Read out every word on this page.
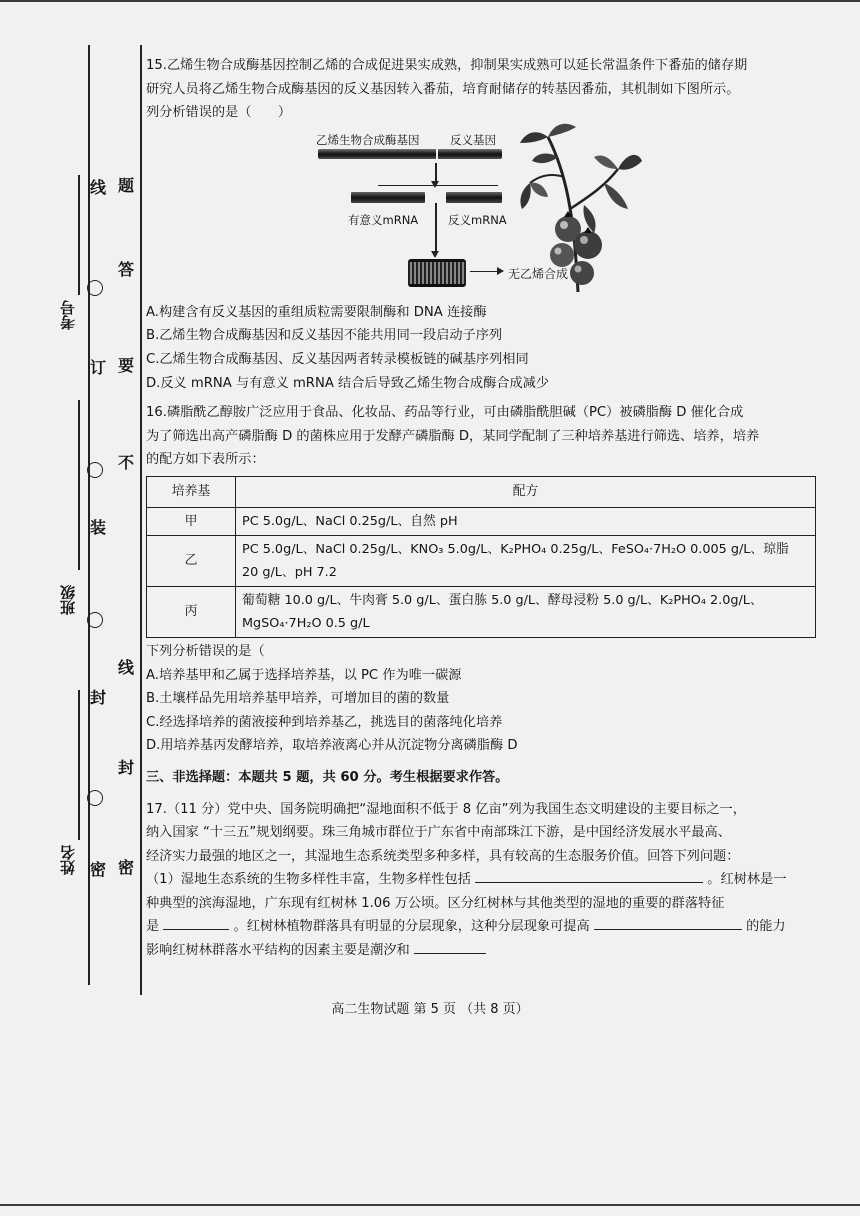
考号
班级
姓名 密
封
装
订
线 题
答
要
不
封
密
线
15.乙烯生物合成酶基因控制乙烯的合成促进果实成熟，抑制果实成熟可以延长常温条件下番茄的储存期
研究人员将乙烯生物合成酶基因的反义基因转入番茄，培育耐储存的转基因番茄，其机制如下图所示。
列分析错误的是（　　）
乙烯生物合成酶基因	反义基因
有意义mRNA	反义mRNA
无乙烯合成
A.构建含有反义基因的重组质粒需要限制酶和 DNA 连接酶
B.乙烯生物合成酶基因和反义基因不能共用同一段启动子序列
C.乙烯生物合成酶基因、反义基因两者转录模板链的碱基序列相同
D.反义 mRNA 与有意义 mRNA 结合后导致乙烯生物合成酶合成减少
16.磷脂酰乙醇胺广泛应用于食品、化妆品、药品等行业，可由磷脂酰胆碱（PC）被磷脂酶 D 催化合成
为了筛选出高产磷脂酶 D 的菌株应用于发酵产磷脂酶 D，某同学配制了三种培养基进行筛选、培养，培养
的配方如下表所示：
培养基	配方
甲	PC 5.0g/L、NaCl 0.25g/L、自然 pH

乙	PC 5.0g/L、NaCl 0.25g/L、KNO₃ 5.0g/L、K₂PHO₄ 0.25g/L、FeSO₄·7H₂O 0.005 g/L、琼脂
20 g/L、pH 7.2

丙	葡萄糖 10.0 g/L、牛肉膏 5.0 g/L、蛋白胨 5.0 g/L、酵母浸粉 5.0 g/L、K₂PHO₄ 2.0g/L、
MgSO₄·7H₂O 0.5 g/L
下列分析错误的是（
A.培养基甲和乙属于选择培养基，以 PC 作为唯一碳源
B.土壤样品先用培养基甲培养，可增加目的菌的数量
C.经选择培养的菌液接种到培养基乙，挑选目的菌落纯化培养
D.用培养基丙发酵培养，取培养液离心并从沉淀物分离磷脂酶 D
三、非选择题：本题共 5 题，共 60 分。考生根据要求作答。
17.（11 分）党中央、国务院明确把“湿地面积不低于 8 亿亩”列为我国生态文明建设的主要目标之一，
纳入国家 “十三五”规划纲要。珠三角城市群位于广东省中南部珠江下游，是中国经济发展水平最高、
经济实力最强的地区之一，其湿地生态系统类型多种多样，具有较高的生态服务价值。回答下列问题：
（1）湿地生态系统的生物多样性丰富，生物多样性包括	。红树林是一
种典型的滨海湿地，广东现有红树林 1.06 万公顷。区分红树林与其他类型的湿地的重要的群落特征
是	。红树林植物群落具有明显的分层现象，这种分层现象可提高	的能力
影响红树林群落水平结构的因素主要是潮汐和
高二生物试题 第 5 页 （共 8 页）
